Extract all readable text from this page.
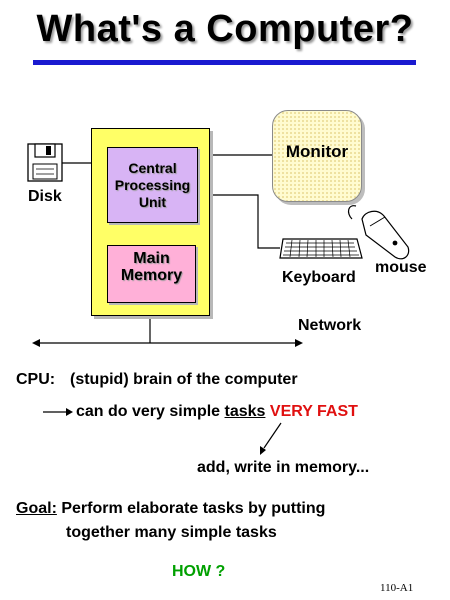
What's a Computer?
Central
Processing
Unit
Main
Memory
Monitor
Disk
Keyboard
mouse
Network
CPU: (stupid) brain of the computer
can do very simple tasks VERY FAST
add, write in memory...
Goal: Perform elaborate tasks by putting
together many simple tasks
HOW ?
110-A1
